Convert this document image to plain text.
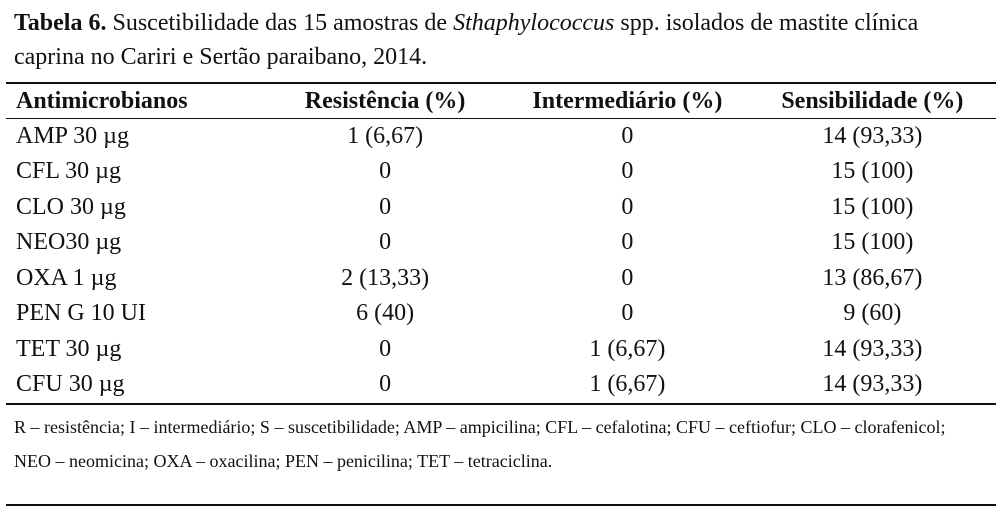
Tabela 6. Suscetibilidade das 15 amostras de Sthaphylococcus spp. isolados de mastite clínica caprina no Cariri e Sertão paraibano, 2014.
Antimicrobianos	Resistência (%)	Intermediário (%)	Sensibilidade (%)
AMP 30 µg	1 (6,67)	0	14 (93,33)
CFL 30 µg	0	0	15 (100)
CLO 30 µg	0	0	15 (100)
NEO30 µg	0	0	15 (100)
OXA 1 µg	2 (13,33)	0	13 (86,67)
PEN G 10 UI	6 (40)	0	9 (60)
TET 30 µg	0	1 (6,67)	14 (93,33)
CFU 30 µg	0	1 (6,67)	14 (93,33)
R – resistência; I – intermediário; S – suscetibilidade; AMP – ampicilina; CFL – cefalotina; CFU – ceftiofur; CLO – clorafenicol; NEO – neomicina; OXA – oxacilina; PEN – penicilina; TET – tetraciclina.
